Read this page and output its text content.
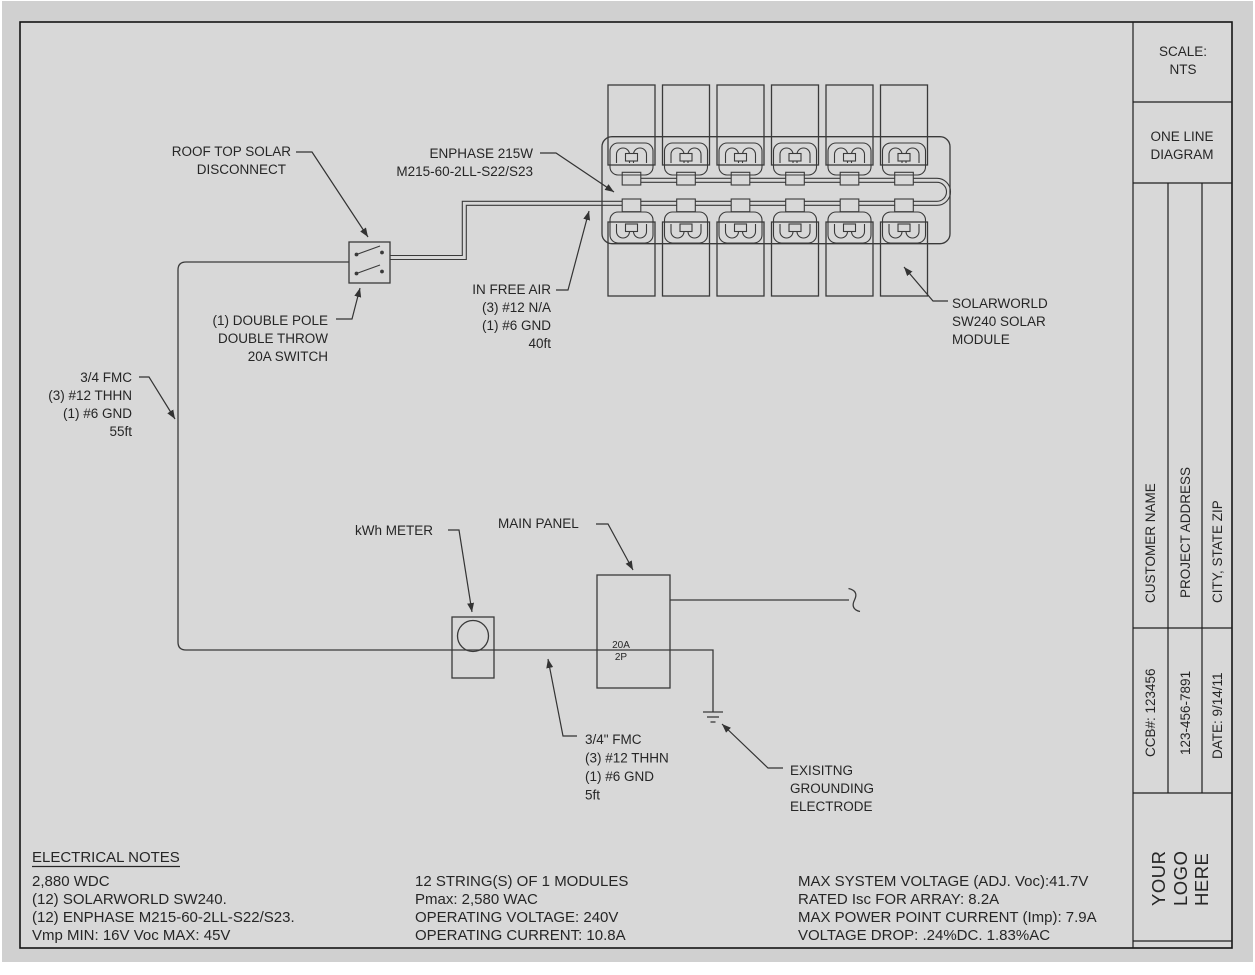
20A
2P
ROOF TOP SOLAR
DISCONNECT
ENPHASE 215W
M215-60-2LL-S22/S23
(1) DOUBLE POLE
DOUBLE THROW
20A SWITCH
IN FREE AIR
(3) #12 N/A
(1) #6 GND
40ft
3/4 FMC
(3) #12 THHN
(1) #6 GND
55ft
SOLARWORLD
SW240 SOLAR
MODULE
kWh METER	MAIN PANEL
3/4" FMC
(3) #12 THHN
(1) #6 GND
5ft
EXISITNG
GROUNDING
ELECTRODE
ELECTRICAL NOTES
2,880 WDC
(12) SOLARWORLD SW240.
(12) ENPHASE M215-60-2LL-S22/S23.
Vmp MIN: 16V Voc MAX: 45V
12 STRING(S) OF 1 MODULES
Pmax: 2,580 WAC
OPERATING VOLTAGE: 240V
OPERATING CURRENT: 10.8A
MAX SYSTEM VOLTAGE (ADJ. Voc):41.7V
RATED Isc FOR ARRAY: 8.2A
MAX POWER POINT CURRENT (Imp): 7.9A
VOLTAGE DROP: .24%DC. 1.83%AC
SCALE:
NTS
ONE LINE
DIAGRAM
CUSTOMER NAME PROJECT ADDRESS CITY, STATE ZIP
CCB#: 123456 123-456-7891 DATE: 9/14/11
YOUR LOGO HERE
